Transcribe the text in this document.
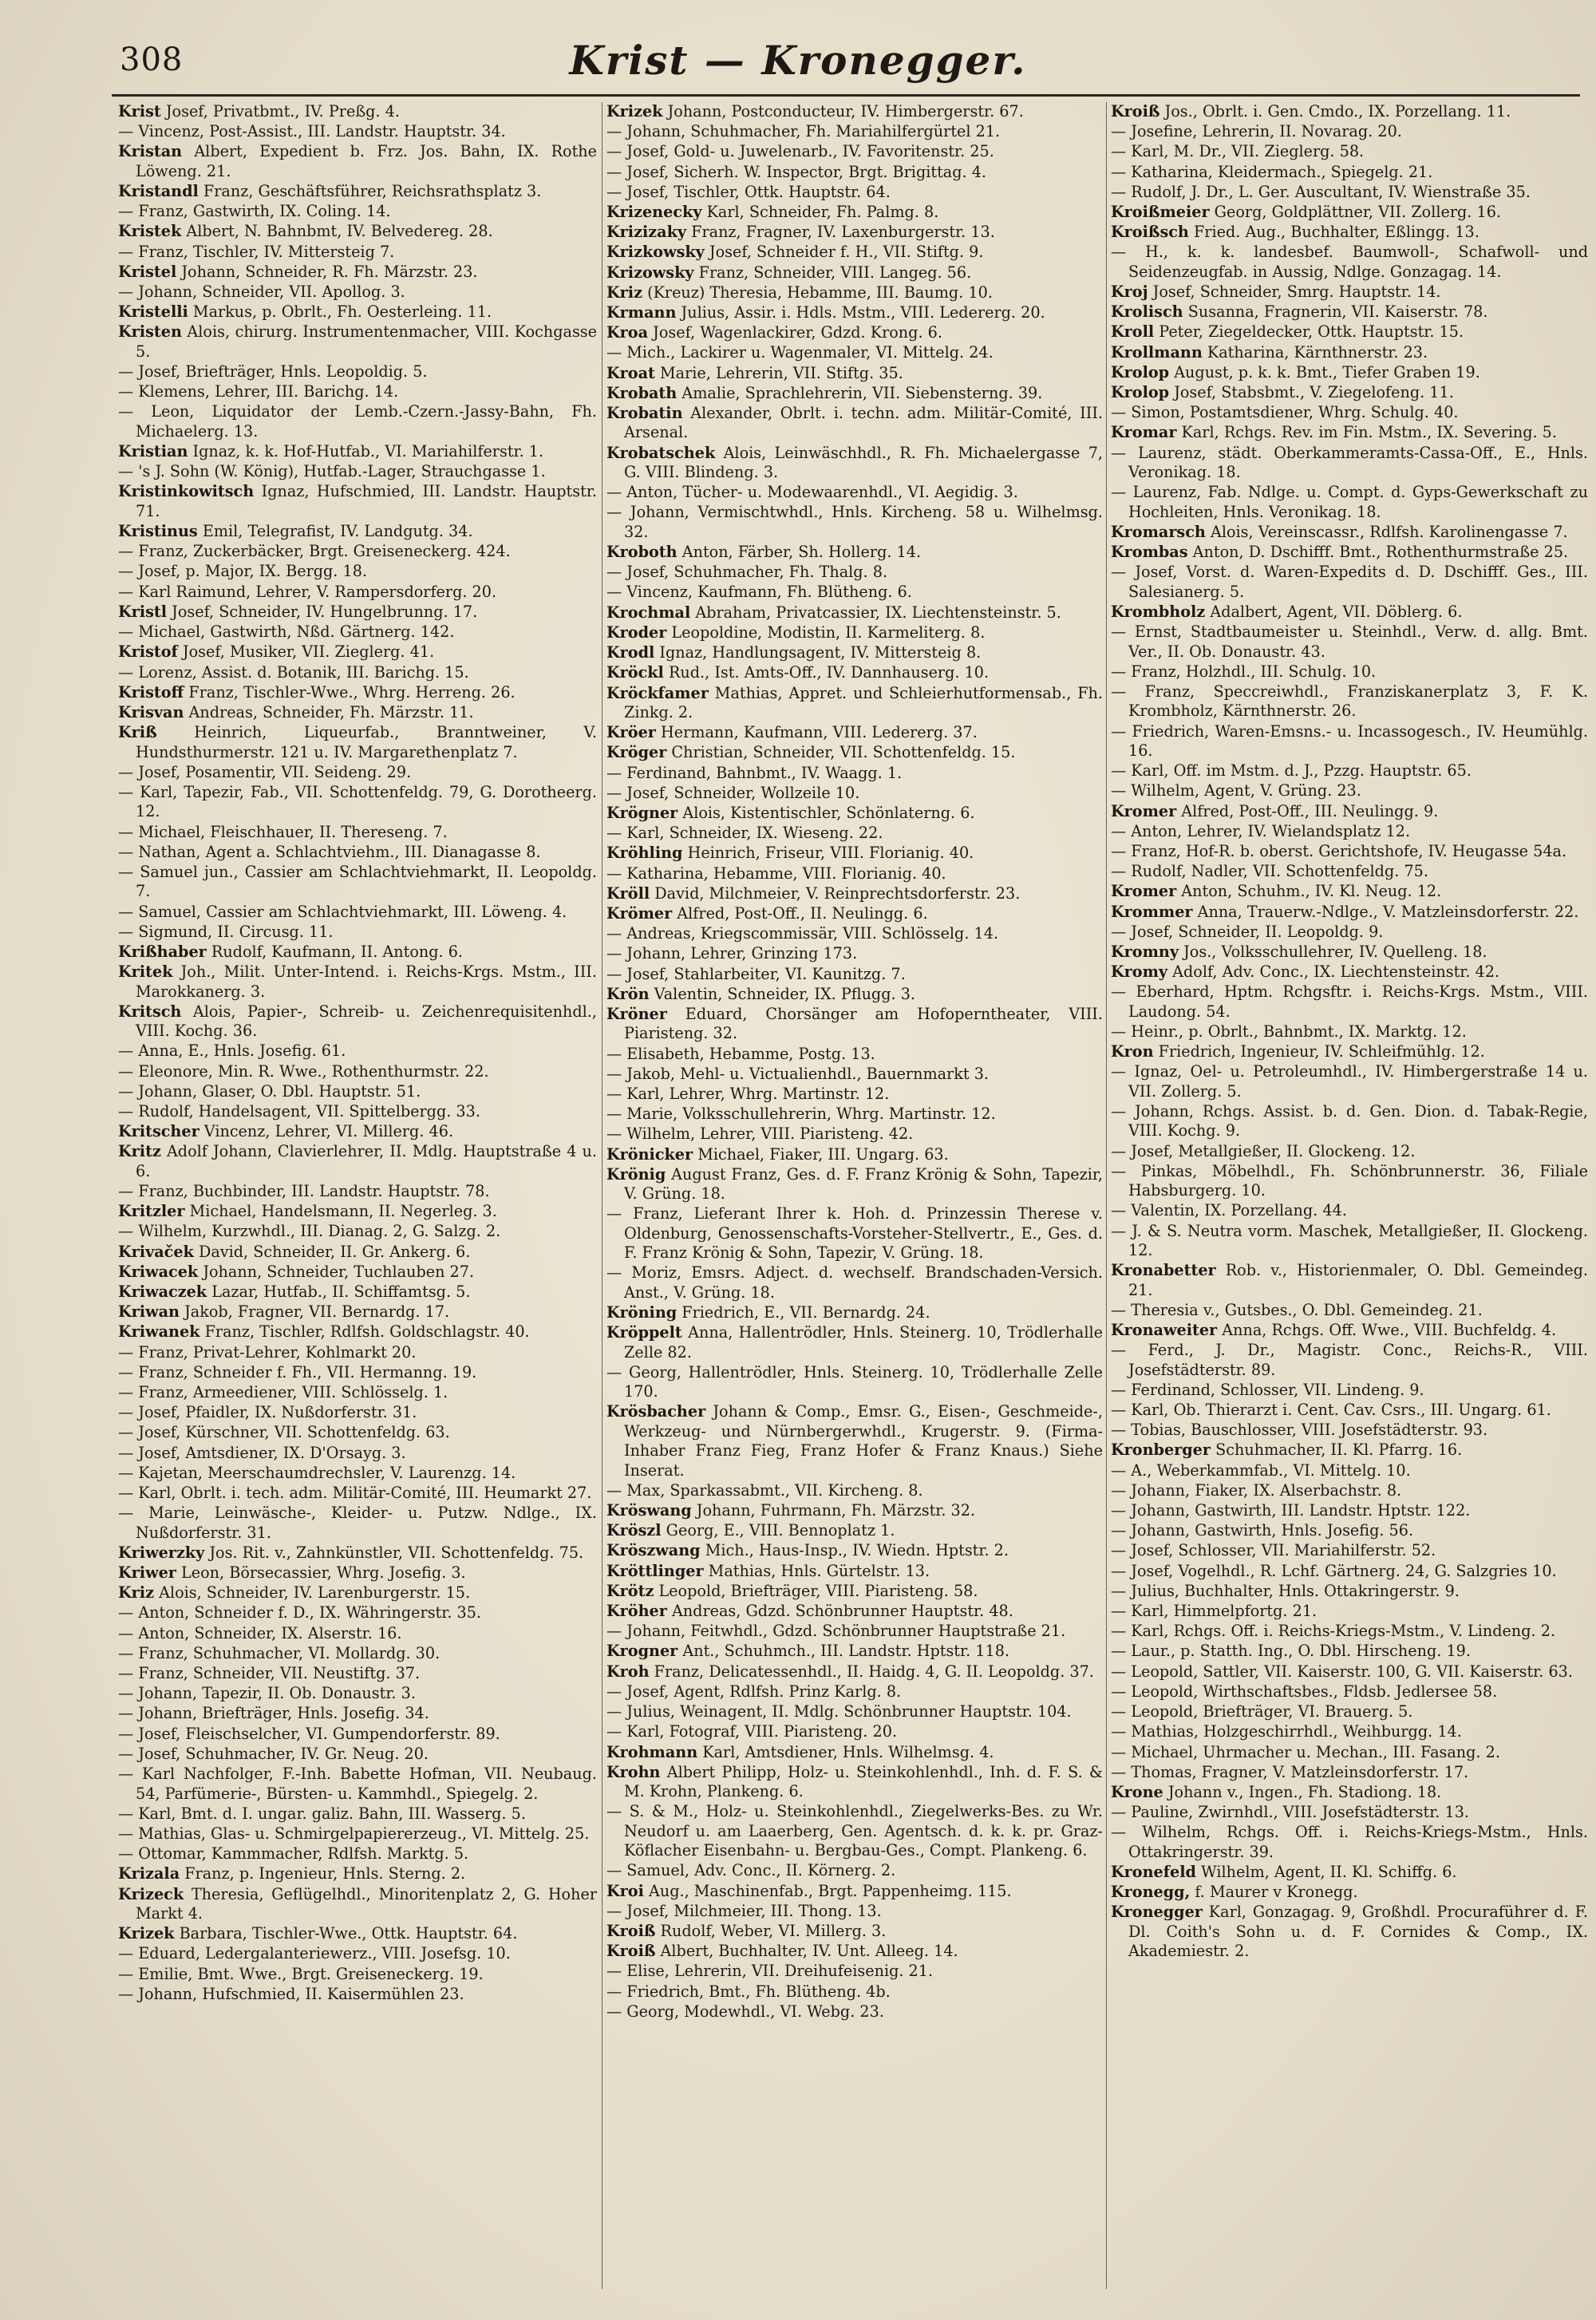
308	Krist — Kronegger.
Krist Josef, Privatbmt., IV. Preßg. 4.
— Vincenz, Post-Assist., III. Landstr. Hauptstr. 34.
Kristan Albert, Expedient b. Frz. Jos. Bahn, IX. Rothe Löweng. 21.
Kristandl Franz, Geschäftsführer, Reichsrathsplatz 3.
— Franz, Gastwirth, IX. Coling. 14.
Kristek Albert, N. Bahnbmt, IV. Belvedereg. 28.
— Franz, Tischler, IV. Mittersteig 7.
Kristel Johann, Schneider, R. Fh. Märzstr. 23.
— Johann, Schneider, VII. Apollog. 3.
Kristelli Markus, p. Obrlt., Fh. Oesterleing. 11.
Kristen Alois, chirurg. Instrumentenmacher, VIII. Kochgasse 5.
— Josef, Briefträger, Hnls. Leopoldig. 5.
— Klemens, Lehrer, III. Barichg. 14.
— Leon, Liquidator der Lemb.-Czern.-Jassy-Bahn, Fh. Michaelerg. 13.
Kristian Ignaz, k. k. Hof-Hutfab., VI. Mariahilferstr. 1.
— 's J. Sohn (W. König), Hutfab.-Lager, Strauchgasse 1.
Kristinkowitsch Ignaz, Hufschmied, III. Landstr. Hauptstr. 71.
Kristinus Emil, Telegrafist, IV. Landgutg. 34.
— Franz, Zuckerbäcker, Brgt. Greiseneckerg. 424.
— Josef, p. Major, IX. Bergg. 18.
— Karl Raimund, Lehrer, V. Rampersdorferg. 20.
Kristl Josef, Schneider, IV. Hungelbrunng. 17.
— Michael, Gastwirth, Nßd. Gärtnerg. 142.
Kristof Josef, Musiker, VII. Zieglerg. 41.
— Lorenz, Assist. d. Botanik, III. Barichg. 15.
Kristoff Franz, Tischler-Wwe., Whrg. Herreng. 26.
Krisvan Andreas, Schneider, Fh. Märzstr. 11.
Kriß Heinrich, Liqueurfab., Branntweiner, V. Hundsthurmerstr. 121 u. IV. Margarethenplatz 7.
— Josef, Posamentir, VII. Seideng. 29.
— Karl, Tapezir, Fab., VII. Schottenfeldg. 79, G. Dorotheerg. 12.
— Michael, Fleischhauer, II. Thereseng. 7.
— Nathan, Agent a. Schlachtviehm., III. Dianagasse 8.
— Samuel jun., Cassier am Schlachtviehmarkt, II. Leopoldg. 7.
— Samuel, Cassier am Schlachtviehmarkt, III. Löweng. 4.
— Sigmund, II. Circusg. 11.
Krißhaber Rudolf, Kaufmann, II. Antong. 6.
Kritek Joh., Milit. Unter-Intend. i. Reichs-Krgs. Mstm., III. Marokkanerg. 3.
Kritsch Alois, Papier-, Schreib- u. Zeichenrequisitenhdl., VIII. Kochg. 36.
— Anna, E., Hnls. Josefig. 61.
— Eleonore, Min. R. Wwe., Rothenthurmstr. 22.
— Johann, Glaser, O. Dbl. Hauptstr. 51.
— Rudolf, Handelsagent, VII. Spittelbergg. 33.
Kritscher Vincenz, Lehrer, VI. Millerg. 46.
Kritz Adolf Johann, Clavierlehrer, II. Mdlg. Hauptstraße 4 u. 6.
— Franz, Buchbinder, III. Landstr. Hauptstr. 78.
Kritzler Michael, Handelsmann, II. Negerleg. 3.
— Wilhelm, Kurzwhdl., III. Dianag. 2, G. Salzg. 2.
Krivaček David, Schneider, II. Gr. Ankerg. 6.
Kriwacek Johann, Schneider, Tuchlauben 27.
Kriwaczek Lazar, Hutfab., II. Schiffamtsg. 5.
Kriwan Jakob, Fragner, VII. Bernardg. 17.
Kriwanek Franz, Tischler, Rdlfsh. Goldschlagstr. 40.
— Franz, Privat-Lehrer, Kohlmarkt 20.
— Franz, Schneider f. Fh., VII. Hermanng. 19.
— Franz, Armeediener, VIII. Schlösselg. 1.
— Josef, Pfaidler, IX. Nußdorferstr. 31.
— Josef, Kürschner, VII. Schottenfeldg. 63.
— Josef, Amtsdiener, IX. D'Orsayg. 3.
— Kajetan, Meerschaumdrechsler, V. Laurenzg. 14.
— Karl, Obrlt. i. tech. adm. Militär-Comité, III. Heumarkt 27.
— Marie, Leinwäsche-, Kleider- u. Putzw. Ndlge., IX. Nußdorferstr. 31.
Kriwerzky Jos. Rit. v., Zahnkünstler, VII. Schottenfeldg. 75.
Kriwer Leon, Börsecassier, Whrg. Josefig. 3.
Kriz Alois, Schneider, IV. Larenburgerstr. 15.
— Anton, Schneider f. D., IX. Währingerstr. 35.
— Anton, Schneider, IX. Alserstr. 16.
— Franz, Schuhmacher, VI. Mollardg. 30.
— Franz, Schneider, VII. Neustiftg. 37.
— Johann, Tapezir, II. Ob. Donaustr. 3.
— Johann, Briefträger, Hnls. Josefig. 34.
— Josef, Fleischselcher, VI. Gumpendorferstr. 89.
— Josef, Schuhmacher, IV. Gr. Neug. 20.
— Karl Nachfolger, F.-Inh. Babette Hofman, VII. Neubaug. 54, Parfümerie-, Bürsten- u. Kammhdl., Spiegelg. 2.
— Karl, Bmt. d. I. ungar. galiz. Bahn, III. Wasserg. 5.
— Mathias, Glas- u. Schmirgelpapiererzeug., VI. Mittelg. 25.
— Ottomar, Kammmacher, Rdlfsh. Marktg. 5.
Krizala Franz, p. Ingenieur, Hnls. Sterng. 2.
Krizeck Theresia, Geflügelhdl., Minoritenplatz 2, G. Hoher Markt 4.
Krizek Barbara, Tischler-Wwe., Ottk. Hauptstr. 64.
— Eduard, Ledergalanteriewerz., VIII. Josefsg. 10.
— Emilie, Bmt. Wwe., Brgt. Greiseneckerg. 19.
— Johann, Hufschmied, II. Kaisermühlen 23.
Krizek Johann, Postconducteur, IV. Himbergerstr. 67.
— Johann, Schuhmacher, Fh. Mariahilfergürtel 21.
— Josef, Gold- u. Juwelenarb., IV. Favoritenstr. 25.
— Josef, Sicherh. W. Inspector, Brgt. Brigittag. 4.
— Josef, Tischler, Ottk. Hauptstr. 64.
Krizenecky Karl, Schneider, Fh. Palmg. 8.
Krizizaky Franz, Fragner, IV. Laxenburgerstr. 13.
Krizkowsky Josef, Schneider f. H., VII. Stiftg. 9.
Krizowsky Franz, Schneider, VIII. Langeg. 56.
Kriz (Kreuz) Theresia, Hebamme, III. Baumg. 10.
Krmann Julius, Assir. i. Hdls. Mstm., VIII. Ledererg. 20.
Kroa Josef, Wagenlackirer, Gdzd. Krong. 6.
— Mich., Lackirer u. Wagenmaler, VI. Mittelg. 24.
Kroat Marie, Lehrerin, VII. Stiftg. 35.
Krobath Amalie, Sprachlehrerin, VII. Siebensterng. 39.
Krobatin Alexander, Obrlt. i. techn. adm. Militär-Comité, III. Arsenal.
Krobatschek Alois, Leinwäschhdl., R. Fh. Michaelergasse 7, G. VIII. Blindeng. 3.
— Anton, Tücher- u. Modewaarenhdl., VI. Aegidig. 3.
— Johann, Vermischtwhdl., Hnls. Kircheng. 58 u. Wilhelmsg. 32.
Kroboth Anton, Färber, Sh. Hollerg. 14.
— Josef, Schuhmacher, Fh. Thalg. 8.
— Vincenz, Kaufmann, Fh. Blütheng. 6.
Krochmal Abraham, Privatcassier, IX. Liechtensteinstr. 5.
Kroder Leopoldine, Modistin, II. Karmeliterg. 8.
Krodl Ignaz, Handlungsagent, IV. Mittersteig 8.
Kröckl Rud., Ist. Amts-Off., IV. Dannhauserg. 10.
Kröckfamer Mathias, Appret. und Schleierhutformensab., Fh. Zinkg. 2.
Kröer Hermann, Kaufmann, VIII. Ledererg. 37.
Kröger Christian, Schneider, VII. Schottenfeldg. 15.
— Ferdinand, Bahnbmt., IV. Waagg. 1.
— Josef, Schneider, Wollzeile 10.
Krögner Alois, Kistentischler, Schönlaterng. 6.
— Karl, Schneider, IX. Wieseng. 22.
Kröhling Heinrich, Friseur, VIII. Florianig. 40.
— Katharina, Hebamme, VIII. Florianig. 40.
Kröll David, Milchmeier, V. Reinprechtsdorferstr. 23.
Krömer Alfred, Post-Off., II. Neulingg. 6.
— Andreas, Kriegscommissär, VIII. Schlösselg. 14.
— Johann, Lehrer, Grinzing 173.
— Josef, Stahlarbeiter, VI. Kaunitzg. 7.
Krön Valentin, Schneider, IX. Pflugg. 3.
Kröner Eduard, Chorsänger am Hofoperntheater, VIII. Piaristeng. 32.
— Elisabeth, Hebamme, Postg. 13.
— Jakob, Mehl- u. Victualienhdl., Bauernmarkt 3.
— Karl, Lehrer, Whrg. Martinstr. 12.
— Marie, Volksschullehrerin, Whrg. Martinstr. 12.
— Wilhelm, Lehrer, VIII. Piaristeng. 42.
Krönicker Michael, Fiaker, III. Ungarg. 63.
Krönig August Franz, Ges. d. F. Franz Krönig & Sohn, Tapezir, V. Grüng. 18.
— Franz, Lieferant Ihrer k. Hoh. d. Prinzessin Therese v. Oldenburg, Genossenschafts-Vorsteher-Stellvertr., E., Ges. d. F. Franz Krönig & Sohn, Tapezir, V. Grüng. 18.
— Moriz, Emsrs. Adject. d. wechself. Brandschaden-Versich. Anst., V. Grüng. 18.
Kröning Friedrich, E., VII. Bernardg. 24.
Kröppelt Anna, Hallentrödler, Hnls. Steinerg. 10, Trödlerhalle Zelle 82.
— Georg, Hallentrödler, Hnls. Steinerg. 10, Trödlerhalle Zelle 170.
Krösbacher Johann & Comp., Emsr. G., Eisen-, Geschmeide-, Werkzeug- und Nürnbergerwhdl., Krugerstr. 9. (Firma-Inhaber Franz Fieg, Franz Hofer & Franz Knaus.) Siehe Inserat.
— Max, Sparkassabmt., VII. Kircheng. 8.
Kröswang Johann, Fuhrmann, Fh. Märzstr. 32.
Kröszl Georg, E., VIII. Bennoplatz 1.
Kröszwang Mich., Haus-Insp., IV. Wiedn. Hptstr. 2.
Kröttlinger Mathias, Hnls. Gürtelstr. 13.
Krötz Leopold, Briefträger, VIII. Piaristeng. 58.
Kröher Andreas, Gdzd. Schönbrunner Hauptstr. 48.
— Johann, Feitwhdl., Gdzd. Schönbrunner Hauptstraße 21.
Krogner Ant., Schuhmch., III. Landstr. Hptstr. 118.
Kroh Franz, Delicatessenhdl., II. Haidg. 4, G. II. Leopoldg. 37.
— Josef, Agent, Rdlfsh. Prinz Karlg. 8.
— Julius, Weinagent, II. Mdlg. Schönbrunner Hauptstr. 104.
— Karl, Fotograf, VIII. Piaristeng. 20.
Krohmann Karl, Amtsdiener, Hnls. Wilhelmsg. 4.
Krohn Albert Philipp, Holz- u. Steinkohlenhdl., Inh. d. F. S. & M. Krohn, Plankeng. 6.
— S. & M., Holz- u. Steinkohlenhdl., Ziegelwerks-Bes. zu Wr. Neudorf u. am Laaerberg, Gen. Agentsch. d. k. k. pr. Graz-Köflacher Eisenbahn- u. Bergbau-Ges., Compt. Plankeng. 6.
— Samuel, Adv. Conc., II. Körnerg. 2.
Kroi Aug., Maschinenfab., Brgt. Pappenheimg. 115.
— Josef, Milchmeier, III. Thong. 13.
Kroiß Rudolf, Weber, VI. Millerg. 3.
Kroiß Albert, Buchhalter, IV. Unt. Alleeg. 14.
— Elise, Lehrerin, VII. Dreihufeisenig. 21.
— Friedrich, Bmt., Fh. Blütheng. 4b.
— Georg, Modewhdl., VI. Webg. 23.
Kroiß Jos., Obrlt. i. Gen. Cmdo., IX. Porzellang. 11.
— Josefine, Lehrerin, II. Novarag. 20.
— Karl, M. Dr., VII. Zieglerg. 58.
— Katharina, Kleidermach., Spiegelg. 21.
— Rudolf, J. Dr., L. Ger. Auscultant, IV. Wienstraße 35.
Kroißmeier Georg, Goldplättner, VII. Zollerg. 16.
Kroißsch Fried. Aug., Buchhalter, Eßlingg. 13.
— H., k. k. landesbef. Baumwoll-, Schafwoll- und Seidenzeugfab. in Aussig, Ndlge. Gonzagag. 14.
Kroj Josef, Schneider, Smrg. Hauptstr. 14.
Krolisch Susanna, Fragnerin, VII. Kaiserstr. 78.
Kroll Peter, Ziegeldecker, Ottk. Hauptstr. 15.
Krollmann Katharina, Kärnthnerstr. 23.
Krolop August, p. k. k. Bmt., Tiefer Graben 19.
Krolop Josef, Stabsbmt., V. Ziegelofeng. 11.
— Simon, Postamtsdiener, Whrg. Schulg. 40.
Kromar Karl, Rchgs. Rev. im Fin. Mstm., IX. Severing. 5.
— Laurenz, städt. Oberkammeramts-Cassa-Off., E., Hnls. Veronikag. 18.
— Laurenz, Fab. Ndlge. u. Compt. d. Gyps-Gewerkschaft zu Hochleiten, Hnls. Veronikag. 18.
Kromarsch Alois, Vereinscassr., Rdlfsh. Karolinengasse 7.
Krombas Anton, D. Dschifff. Bmt., Rothenthurmstraße 25.
— Josef, Vorst. d. Waren-Expedits d. D. Dschifff. Ges., III. Salesianerg. 5.
Krombholz Adalbert, Agent, VII. Döblerg. 6.
— Ernst, Stadtbaumeister u. Steinhdl., Verw. d. allg. Bmt. Ver., II. Ob. Donaustr. 43.
— Franz, Holzhdl., III. Schulg. 10.
— Franz, Speccreiwhdl., Franziskanerplatz 3, F. K. Krombholz, Kärnthnerstr. 26.
— Friedrich, Waren-Emsns.- u. Incassogesch., IV. Heumühlg. 16.
— Karl, Off. im Mstm. d. J., Pzzg. Hauptstr. 65.
— Wilhelm, Agent, V. Grüng. 23.
Kromer Alfred, Post-Off., III. Neulingg. 9.
— Anton, Lehrer, IV. Wielandsplatz 12.
— Franz, Hof-R. b. oberst. Gerichtshofe, IV. Heugasse 54a.
— Rudolf, Nadler, VII. Schottenfeldg. 75.
Kromer Anton, Schuhm., IV. Kl. Neug. 12.
Krommer Anna, Trauerw.-Ndlge., V. Matzleinsdorferstr. 22.
— Josef, Schneider, II. Leopoldg. 9.
Kromny Jos., Volksschullehrer, IV. Quelleng. 18.
Kromy Adolf, Adv. Conc., IX. Liechtensteinstr. 42.
— Eberhard, Hptm. Rchgsftr. i. Reichs-Krgs. Mstm., VIII. Laudong. 54.
— Heinr., p. Obrlt., Bahnbmt., IX. Marktg. 12.
Kron Friedrich, Ingenieur, IV. Schleifmühlg. 12.
— Ignaz, Oel- u. Petroleumhdl., IV. Himbergerstraße 14 u. VII. Zollerg. 5.
— Johann, Rchgs. Assist. b. d. Gen. Dion. d. Tabak-Regie, VIII. Kochg. 9.
— Josef, Metallgießer, II. Glockeng. 12.
— Pinkas, Möbelhdl., Fh. Schönbrunnerstr. 36, Filiale Habsburgerg. 10.
— Valentin, IX. Porzellang. 44.
— J. & S. Neutra vorm. Maschek, Metallgießer, II. Glockeng. 12.
Kronabetter Rob. v., Historienmaler, O. Dbl. Gemeindeg. 21.
— Theresia v., Gutsbes., O. Dbl. Gemeindeg. 21.
Kronaweiter Anna, Rchgs. Off. Wwe., VIII. Buchfeldg. 4.
— Ferd., J. Dr., Magistr. Conc., Reichs-R., VIII. Josefstädterstr. 89.
— Ferdinand, Schlosser, VII. Lindeng. 9.
— Karl, Ob. Thierarzt i. Cent. Cav. Csrs., III. Ungarg. 61.
— Tobias, Bauschlosser, VIII. Josefstädterstr. 93.
Kronberger Schuhmacher, II. Kl. Pfarrg. 16.
— A., Weberkammfab., VI. Mittelg. 10.
— Johann, Fiaker, IX. Alserbachstr. 8.
— Johann, Gastwirth, III. Landstr. Hptstr. 122.
— Johann, Gastwirth, Hnls. Josefig. 56.
— Josef, Schlosser, VII. Mariahilferstr. 52.
— Josef, Vogelhdl., R. Lchf. Gärtnerg. 24, G. Salzgries 10.
— Julius, Buchhalter, Hnls. Ottakringerstr. 9.
— Karl, Himmelpfortg. 21.
— Karl, Rchgs. Off. i. Reichs-Kriegs-Mstm., V. Lindeng. 2.
— Laur., p. Statth. Ing., O. Dbl. Hirscheng. 19.
— Leopold, Sattler, VII. Kaiserstr. 100, G. VII. Kaiserstr. 63.
— Leopold, Wirthschaftsbes., Fldsb. Jedlersee 58.
— Leopold, Briefträger, VI. Brauerg. 5.
— Mathias, Holzgeschirrhdl., Weihburgg. 14.
— Michael, Uhrmacher u. Mechan., III. Fasang. 2.
— Thomas, Fragner, V. Matzleinsdorferstr. 17.
Krone Johann v., Ingen., Fh. Stadiong. 18.
— Pauline, Zwirnhdl., VIII. Josefstädterstr. 13.
— Wilhelm, Rchgs. Off. i. Reichs-Kriegs-Mstm., Hnls. Ottakringerstr. 39.
Kronefeld Wilhelm, Agent, II. Kl. Schiffg. 6.
Kronegg, f. Maurer v Kronegg.
Kronegger Karl, Gonzagag. 9, Großhdl. Procuraführer d. F. Dl. Coith's Sohn u. d. F. Cornides & Comp., IX. Akademiestr. 2.
